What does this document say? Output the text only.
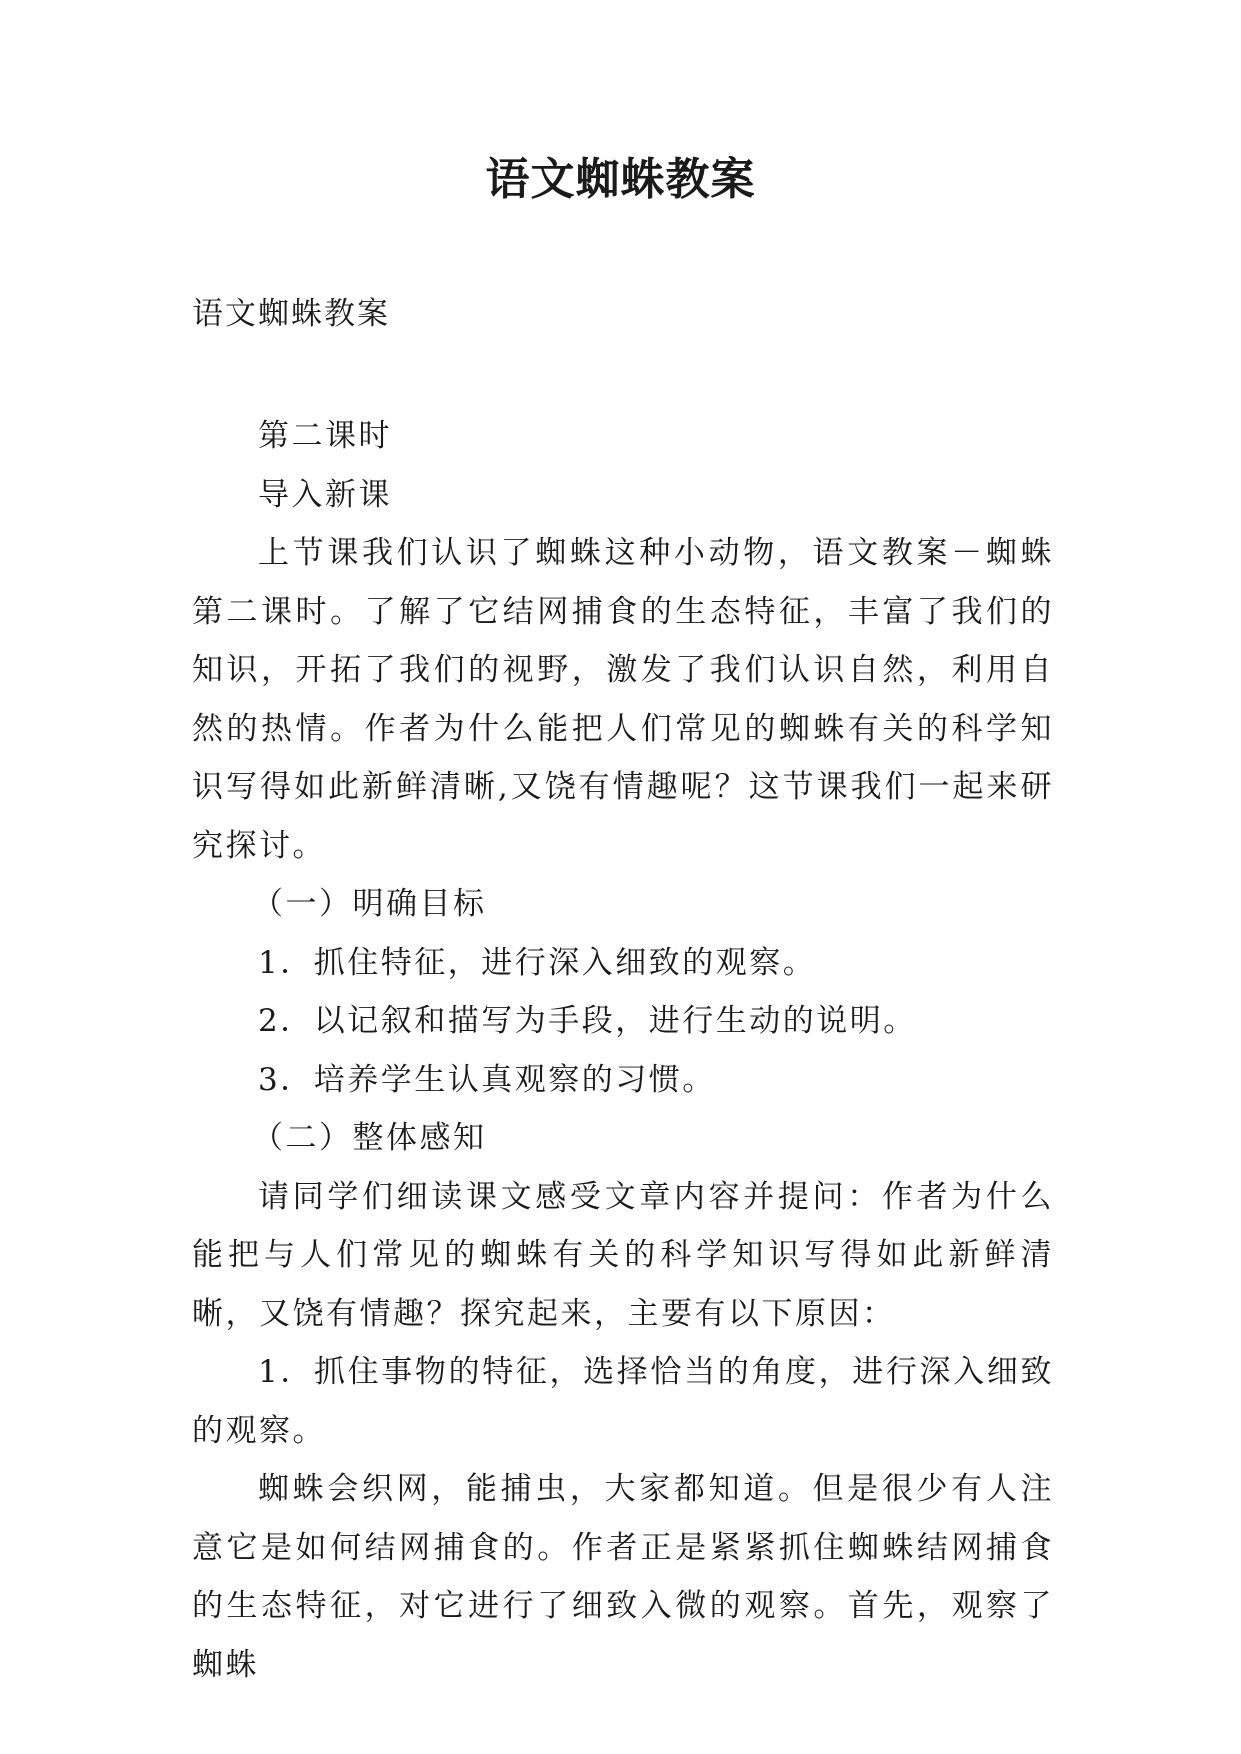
语文蜘蛛教案
语文蜘蛛教案

第二课时

导入新课

上节课我们认识了蜘蛛这种小动物，语文教案－蜘蛛第二课时。了解了它结网捕食的生态特征，丰富了我们的知识，开拓了我们的视野，激发了我们认识自然，利用自然的热情。作者为什么能把人们常见的蜘蛛有关的科学知识写得如此新鲜清晰,又饶有情趣呢？这节课我们一起来研究探讨。

（一）明确目标

1．抓住特征，进行深入细致的观察。

2．以记叙和描写为手段，进行生动的说明。

3．培养学生认真观察的习惯。

（二）整体感知

请同学们细读课文感受文章内容并提问：作者为什么能把与人们常见的蜘蛛有关的科学知识写得如此新鲜清晰，又饶有情趣？探究起来，主要有以下原因：

1．抓住事物的特征，选择恰当的角度，进行深入细致的观察。

蜘蛛会织网，能捕虫，大家都知道。但是很少有人注意它是如何结网捕食的。作者正是紧紧抓住蜘蛛结网捕食的生态特征，对它进行了细致入微的观察。首先，观察了蜘蛛
